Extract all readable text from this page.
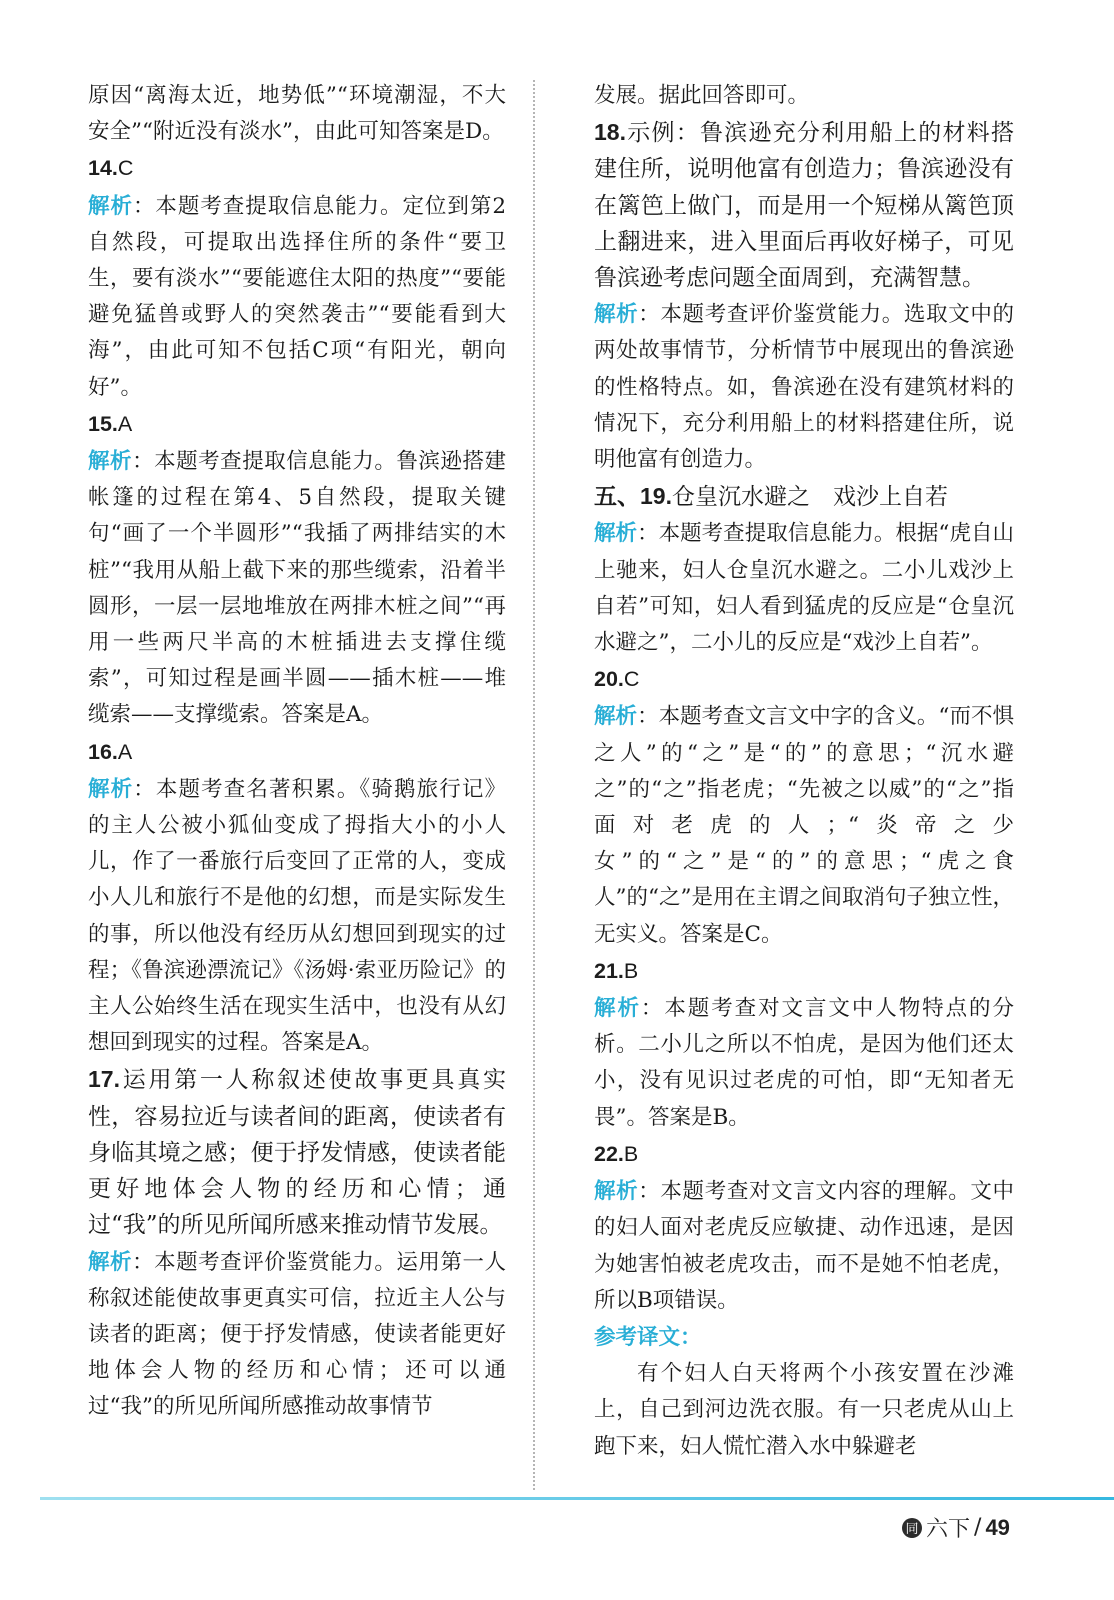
原因“离海太近，地势低”“环境潮湿，不大安全”“附近没有淡水”，由此可知答案是D。

14.C

解析：本题考查提取信息能力。定位到第2自然段，可提取出选择住所的条件“要卫生，要有淡水”“要能遮住太阳的热度”“要能避免猛兽或野人的突然袭击”“要能看到大海”，由此可知不包括C项“有阳光，朝向好”。

15.A

解析：本题考查提取信息能力。鲁滨逊搭建帐篷的过程在第4、5自然段，提取关键句“画了一个半圆形”“我插了两排结实的木桩”“我用从船上截下来的那些缆索，沿着半圆形，一层一层地堆放在两排木桩之间”“再用一些两尺半高的木桩插进去支撑住缆索”，可知过程是画半圆——插木桩——堆缆索——支撑缆索。答案是A。

16.A

解析：本题考查名著积累。《骑鹅旅行记》的主人公被小狐仙变成了拇指大小的小人儿，作了一番旅行后变回了正常的人，变成小人儿和旅行不是他的幻想，而是实际发生的事，所以他没有经历从幻想回到现实的过程；《鲁滨逊漂流记》《汤姆·索亚历险记》的主人公始终生活在现实生活中，也没有从幻想回到现实的过程。答案是A。

17.运用第一人称叙述使故事更具真实性，容易拉近与读者间的距离，使读者有身临其境之感；便于抒发情感，使读者能更好地体会人物的经历和心情；通过“我”的所见所闻所感来推动情节发展。

解析：本题考查评价鉴赏能力。运用第一人称叙述能使故事更真实可信，拉近主人公与读者的距离；便于抒发情感，使读者能更好地体会人物的经历和心情；还可以通过“我”的所见所闻所感推动故事情节

发展。据此回答即可。

18.示例：鲁滨逊充分利用船上的材料搭建住所，说明他富有创造力；鲁滨逊没有在篱笆上做门，而是用一个短梯从篱笆顶上翻进来，进入里面后再收好梯子，可见鲁滨逊考虑问题全面周到，充满智慧。

解析：本题考查评价鉴赏能力。选取文中的两处故事情节，分析情节中展现出的鲁滨逊的性格特点。如，鲁滨逊在没有建筑材料的情况下，充分利用船上的材料搭建住所，说明他富有创造力。

五、19.仓皇沉水避之　戏沙上自若

解析：本题考查提取信息能力。根据“虎自山上驰来，妇人仓皇沉水避之。二小儿戏沙上自若”可知，妇人看到猛虎的反应是“仓皇沉水避之”，二小儿的反应是“戏沙上自若”。

20.C

解析：本题考查文言文中字的含义。“而不惧之人”的“之”是“的”的意思；“沉水避之”的“之”指老虎；“先被之以威”的“之”指面对老虎的人；“炎帝之少女”的“之”是“的”的意思；“虎之食人”的“之”是用在主谓之间取消句子独立性，无实义。答案是C。

21.B

解析：本题考查对文言文中人物特点的分析。二小儿之所以不怕虎，是因为他们还太小，没有见识过老虎的可怕，即“无知者无畏”。答案是B。

22.B

解析：本题考查对文言文内容的理解。文中的妇人面对老虎反应敏捷、动作迅速，是因为她害怕被老虎攻击，而不是她不怕老虎，所以B项错误。

参考译文：

有个妇人白天将两个小孩安置在沙滩上，自己到河边洗衣服。有一只老虎从山上跑下来，妇人慌忙潜入水中躲避老

同 六下 / 49
